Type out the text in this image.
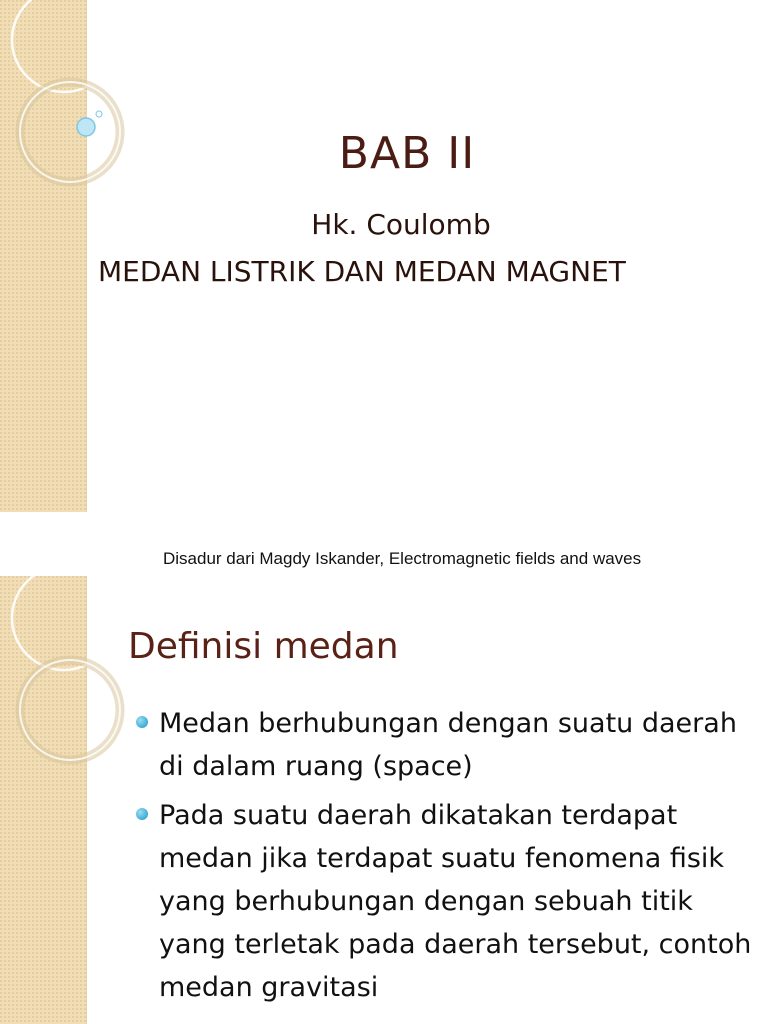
BAB II
Hk. Coulomb
MEDAN LISTRIK DAN MEDAN MAGNET
Disadur dari Magdy Iskander, Electromagnetic fields and waves
Definisi medan
Medan berhubungan dengan suatu daerah di dalam ruang (space)
Pada suatu daerah dikatakan terdapat medan jika terdapat suatu fenomena fisik yang berhubungan dengan sebuah titik yang terletak pada daerah tersebut, contoh medan gravitasi
